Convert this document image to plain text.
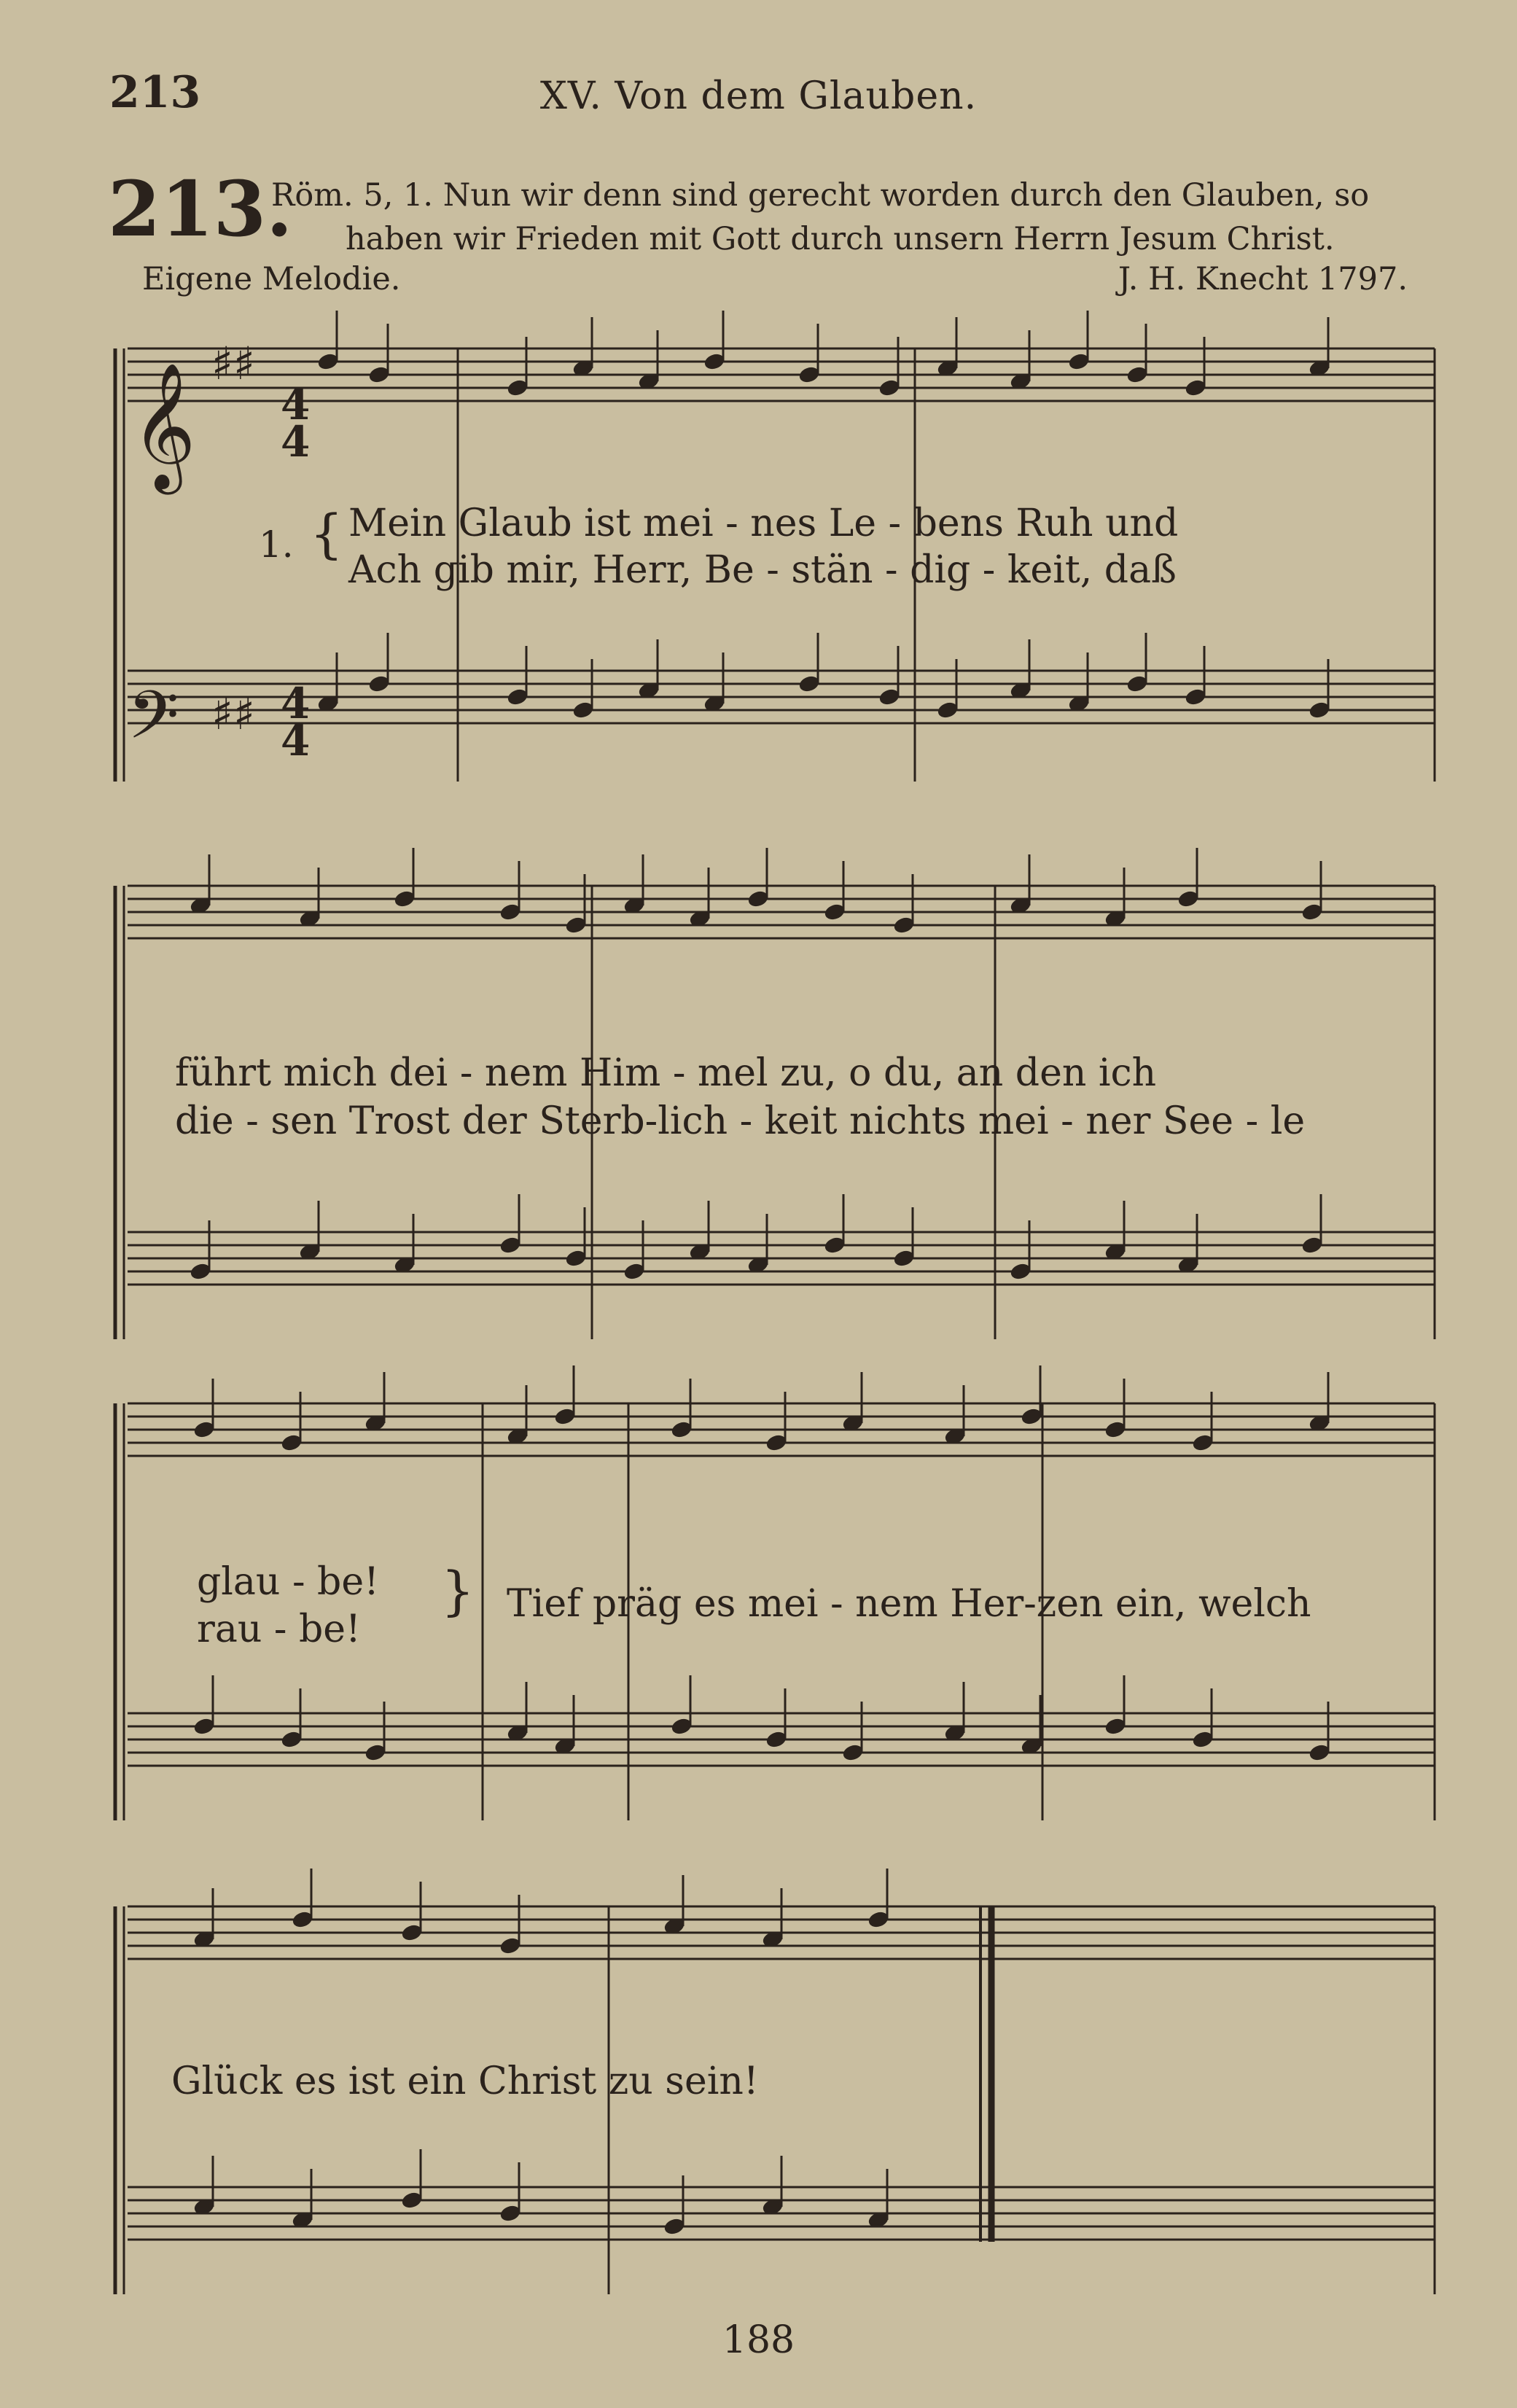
213	XV. Von dem Glauben.
213.
Röm. 5, 1. Nun wir denn sind gerecht worden durch den Glauben, so
haben wir Frieden mit Gott durch unsern Herrn Jesum Christ.
Eigene Melodie.	J. H. Knecht 1797.
𝄞
𝄢
♯♯
♯♯
4
4
4
4
1. { Mein Glaub ist mei - nes Le - bens Ruh und
Ach gib mir, Herr, Be - stän - dig - keit, daß
führt mich dei - nem Him - mel zu, o du, an den ich
die - sen Trost der Sterb-lich - keit nichts mei - ner See - le
glau - be!
rau - be!
} Tief präg es mei - nem Her-zen ein, welch
Glück es ist ein Christ zu sein!
188
